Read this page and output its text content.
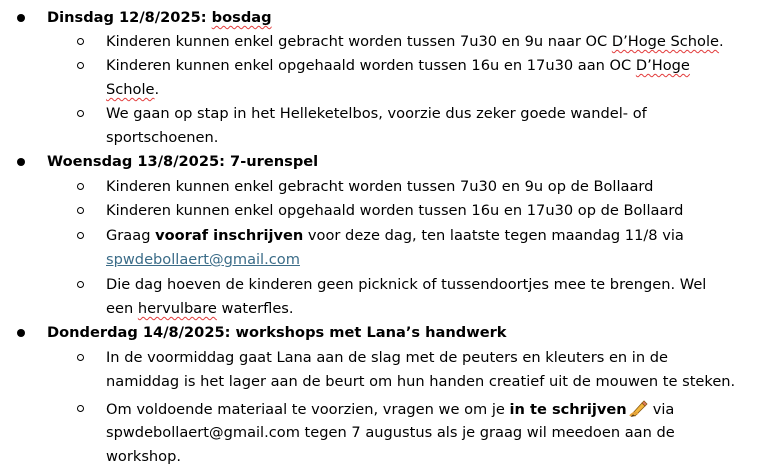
Dinsdag 12/8/2025: bosdag
Kinderen kunnen enkel gebracht worden tussen 7u30 en 9u naar OC D’Hoge Schole.
Kinderen kunnen enkel opgehaald worden tussen 16u en 17u30 aan OC D’Hoge
Schole.
We gaan op stap in het Helleketelbos, voorzie dus zeker goede wandel- of
sportschoenen.
Woensdag 13/8/2025: 7-urenspel
Kinderen kunnen enkel gebracht worden tussen 7u30 en 9u op de Bollaard
Kinderen kunnen enkel opgehaald worden tussen 16u en 17u30 op de Bollaard
Graag vooraf inschrijven voor deze dag, ten laatste tegen maandag 11/8 via
spwdebollaert@gmail.com
Die dag hoeven de kinderen geen picknick of tussendoortjes mee te brengen. Wel
een hervulbare waterfles.
Donderdag 14/8/2025: workshops met Lana’s handwerk
In de voormiddag gaat Lana aan de slag met de peuters en kleuters en in de
namiddag is het lager aan de beurt om hun handen creatief uit de mouwen te steken.
Om voldoende materiaal te voorzien, vragen we om je in te schrijven via
spwdebollaert@gmail.com tegen 7 augustus als je graag wil meedoen aan de
workshop.
